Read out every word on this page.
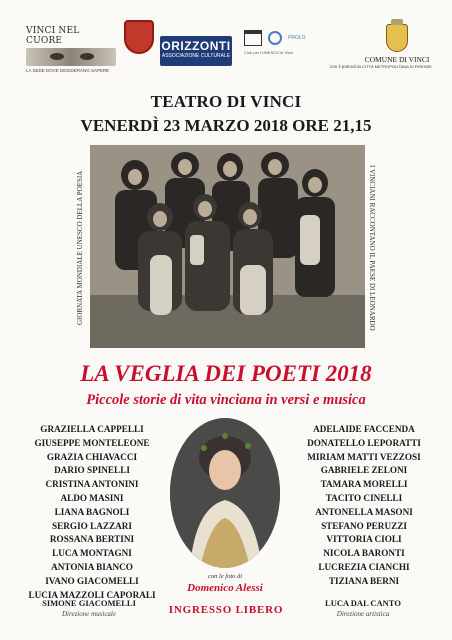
VINCI NEL CUORE
LA SEDE DOVE DESIDERANO SAPERE
ORIZZONTI
ASSOCIAZIONE CULTURALE
PROLO
Club per l'UNESCO di Vinci
con il patrocinio
COMUNE DI VINCI
CITTÀ METROPOLITANA DI FIRENZE
TEATRO DI VINCI
VENERDÌ 23 MARZO 2018 ORE 21,15
GIORNATA MONDIALE UNESCO DELLA POESIA	I VINCIANI RACCONTANO IL PAESE DI LEONARDO
LA VEGLIA DEI POETI 2018
Piccole storie di vita vinciana in versi e musica
GRAZIELLA CAPPELLI
GIUSEPPE MONTELEONE
GRAZIA CHIAVACCI
DARIO SPINELLI
CRISTINA ANTONINI
ALDO MASINI
LIANA BAGNOLI
SERGIO LAZZARI
ROSSANA BERTINI
LUCA MONTAGNI
ANTONIA BIANCO
IVANO GIACOMELLI
LUCIA MAZZOLI CAPORALI
ADELAIDE FACCENDA
DONATELLO LEPORATTI
MIRIAM MATTI VEZZOSI
GABRIELE ZELONI
TAMARA MORELLI
TACITO CINELLI
ANTONELLA MASONI
STEFANO PERUZZI
VITTORIA CIOLI
NICOLA BARONTI
LUCREZIA CIANCHI
TIZIANA BERNI
con le foto di
Domenico Alessi
SIMONE GIACOMELLI
Direzione musicale	INGRESSO LIBERO
LUCA DAL CANTO
Direzione artistica
